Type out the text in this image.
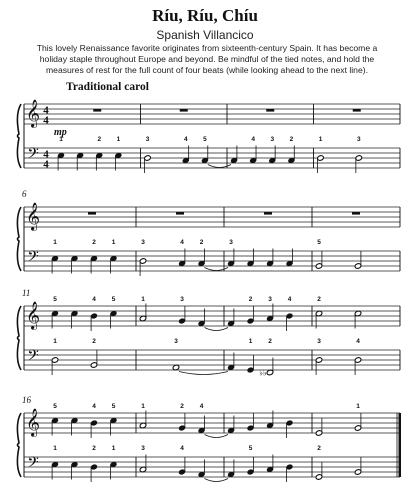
Ríu, Ríu, Chíu
Spanish Villancico
This lovely Renaissance favorite originates from sixteenth-century Spain. It has become a holiday staple throughout Europe and beyond. Be mindful of the tied notes, and hold the measures of rest for the full count of four beats (while looking ahead to the next line).
Traditional carol
𝄞
𝄢
4
4
4
4
mp
1	2 1	3	4 5	4 3 2	1	3
𝄞
𝄢
6
1	2 1	3	4 2	3	5
𝄞
𝄢
11
5	4 5	1	3	2 3 4	2
1	2	3	1
♭♭
2	3	4
𝄞
𝄢
16
5	4 5	1	2 4	1
1	2 1	3	4	5	2
